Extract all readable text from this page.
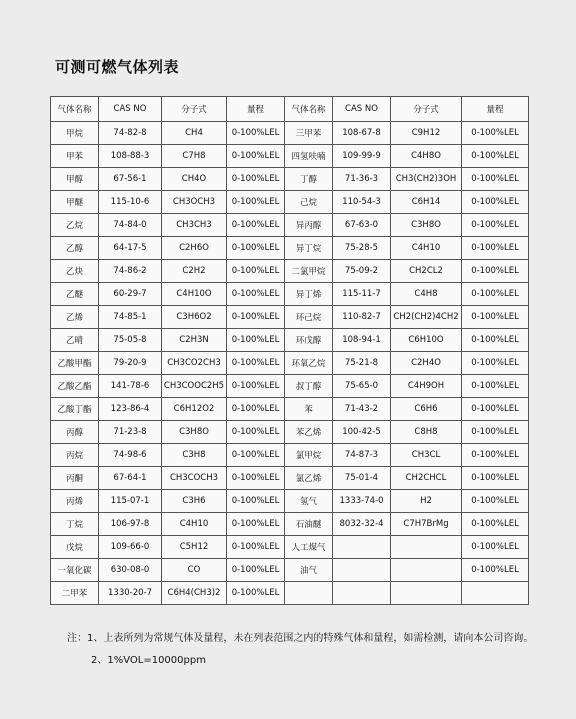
可测可燃气体列表
气体名称	CAS NO	分子式	量程	气体名称	CAS NO	分子式	量程
甲烷	74-82-8	CH4	0-100%LEL	三甲苯	108-67-8	C9H12	0-100%LEL
甲苯	108-88-3	C7H8	0-100%LEL	四氢呋喃	109-99-9	C4H8O	0-100%LEL
甲醇	67-56-1	CH4O	0-100%LEL	丁醇	71-36-3	CH3(CH2)3OH	0-100%LEL
甲醚	115-10-6	CH3OCH3	0-100%LEL	己烷	110-54-3	C6H14	0-100%LEL
乙烷	74-84-0	CH3CH3	0-100%LEL	异丙醇	67-63-0	C3H8O	0-100%LEL
乙醇	64-17-5	C2H6O	0-100%LEL	异丁烷	75-28-5	C4H10	0-100%LEL
乙炔	74-86-2	C2H2	0-100%LEL	二氯甲烷	75-09-2	CH2CL2	0-100%LEL
乙醚	60-29-7	C4H10O	0-100%LEL	异丁烯	115-11-7	C4H8	0-100%LEL
乙烯	74-85-1	C3H6O2	0-100%LEL	环己烷	110-82-7	CH2(CH2)4CH2	0-100%LEL
乙晴	75-05-8	C2H3N	0-100%LEL	环戊醇	108-94-1	C6H10O	0-100%LEL
乙酸甲酯	79-20-9	CH3CO2CH3	0-100%LEL	环氧乙烷	75-21-8	C2H4O	0-100%LEL
乙酸乙酯	141-78-6	CH3COOC2H5	0-100%LEL	叔丁醇	75-65-0	C4H9OH	0-100%LEL
乙酸丁酯	123-86-4	C6H12O2	0-100%LEL	苯	71-43-2	C6H6	0-100%LEL
丙醇	71-23-8	C3H8O	0-100%LEL	苯乙烯	100-42-5	C8H8	0-100%LEL
丙烷	74-98-6	C3H8	0-100%LEL	氯甲烷	74-87-3	CH3CL	0-100%LEL
丙酮	67-64-1	CH3COCH3	0-100%LEL	氯乙烯	75-01-4	CH2CHCL	0-100%LEL
丙烯	115-07-1	C3H6	0-100%LEL	氢气	1333-74-0	H2	0-100%LEL
丁烷	106-97-8	C4H10	0-100%LEL	石油醚	8032-32-4	C7H7BrMg	0-100%LEL
戊烷	109-66-0	C5H12	0-100%LEL	人工煤气			0-100%LEL
一氧化碳	630-08-0	CO	0-100%LEL	油气			0-100%LEL
二甲苯	1330-20-7	C6H4(CH3)2	0-100%LEL				
注：1、上表所列为常规气体及量程，未在列表范围之内的特殊气体和量程，如需检测，请向本公司咨询。
2、1%VOL=10000ppm
